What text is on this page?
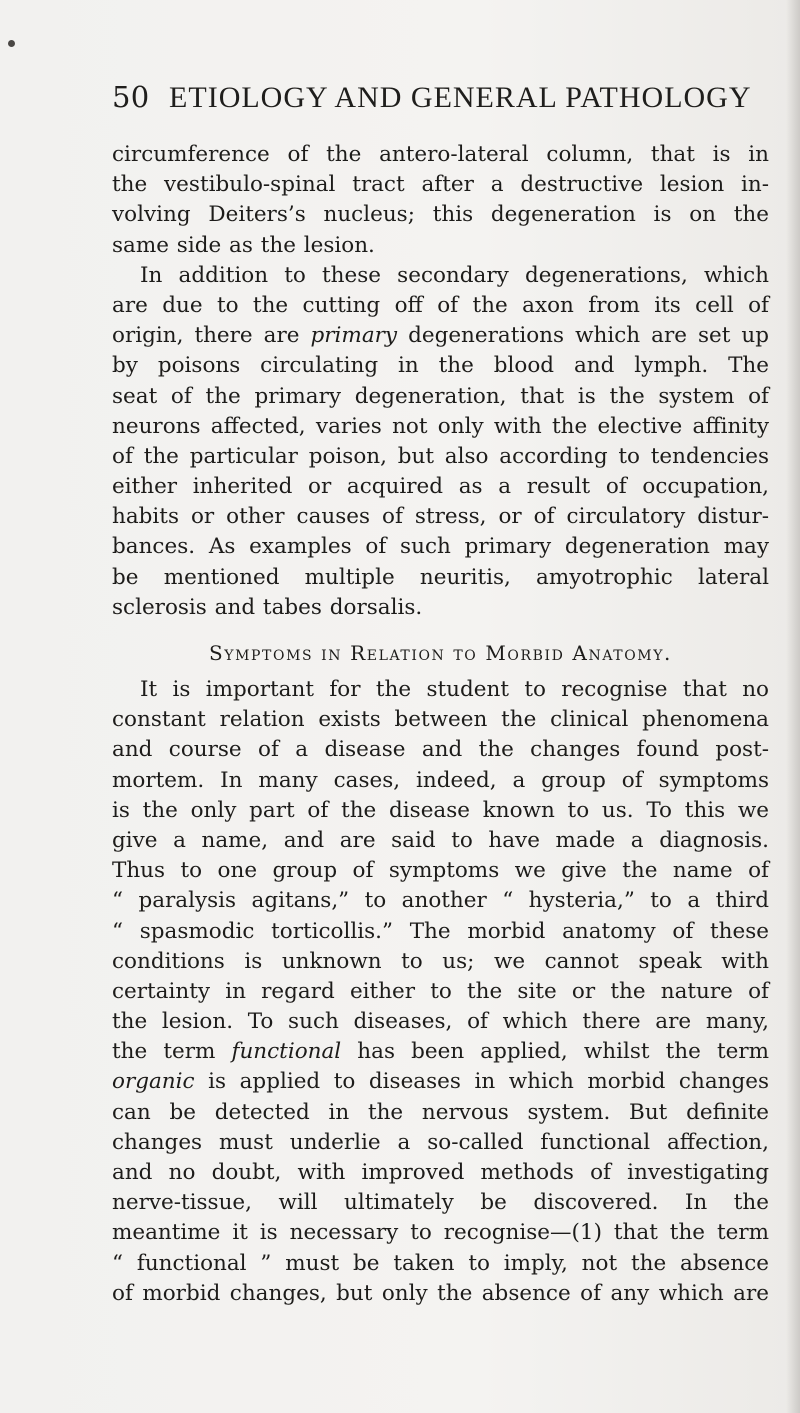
50 ETIOLOGY AND GENERAL PATHOLOGY
circumference of the antero-lateral column, that is in
the vestibulo-spinal tract after a destructive lesion in-
volving Deiters’s nucleus; this degeneration is on the
same side as the lesion.
In addition to these secondary degenerations, which
are due to the cutting off of the axon from its cell of
origin, there are primary degenerations which are set up
by poisons circulating in the blood and lymph. The
seat of the primary degeneration, that is the system of
neurons affected, varies not only with the elective affinity
of the particular poison, but also according to tendencies
either inherited or acquired as a result of occupation,
habits or other causes of stress, or of circulatory distur-
bances. As examples of such primary degeneration may
be mentioned multiple neuritis, amyotrophic lateral
sclerosis and tabes dorsalis.
Symptoms in Relation to Morbid Anatomy.
It is important for the student to recognise that no
constant relation exists between the clinical phenomena
and course of a disease and the changes found post-
mortem. In many cases, indeed, a group of symptoms
is the only part of the disease known to us. To this we
give a name, and are said to have made a diagnosis.
Thus to one group of symptoms we give the name of
“ paralysis agitans,” to another “ hysteria,” to a third
“ spasmodic torticollis.” The morbid anatomy of these
conditions is unknown to us; we cannot speak with
certainty in regard either to the site or the nature of
the lesion. To such diseases, of which there are many,
the term functional has been applied, whilst the term
organic is applied to diseases in which morbid changes
can be detected in the nervous system. But definite
changes must underlie a so-called functional affection,
and no doubt, with improved methods of investigating
nerve-tissue, will ultimately be discovered. In the
meantime it is necessary to recognise—(1) that the term
“ functional ” must be taken to imply, not the absence
of morbid changes, but only the absence of any which are
